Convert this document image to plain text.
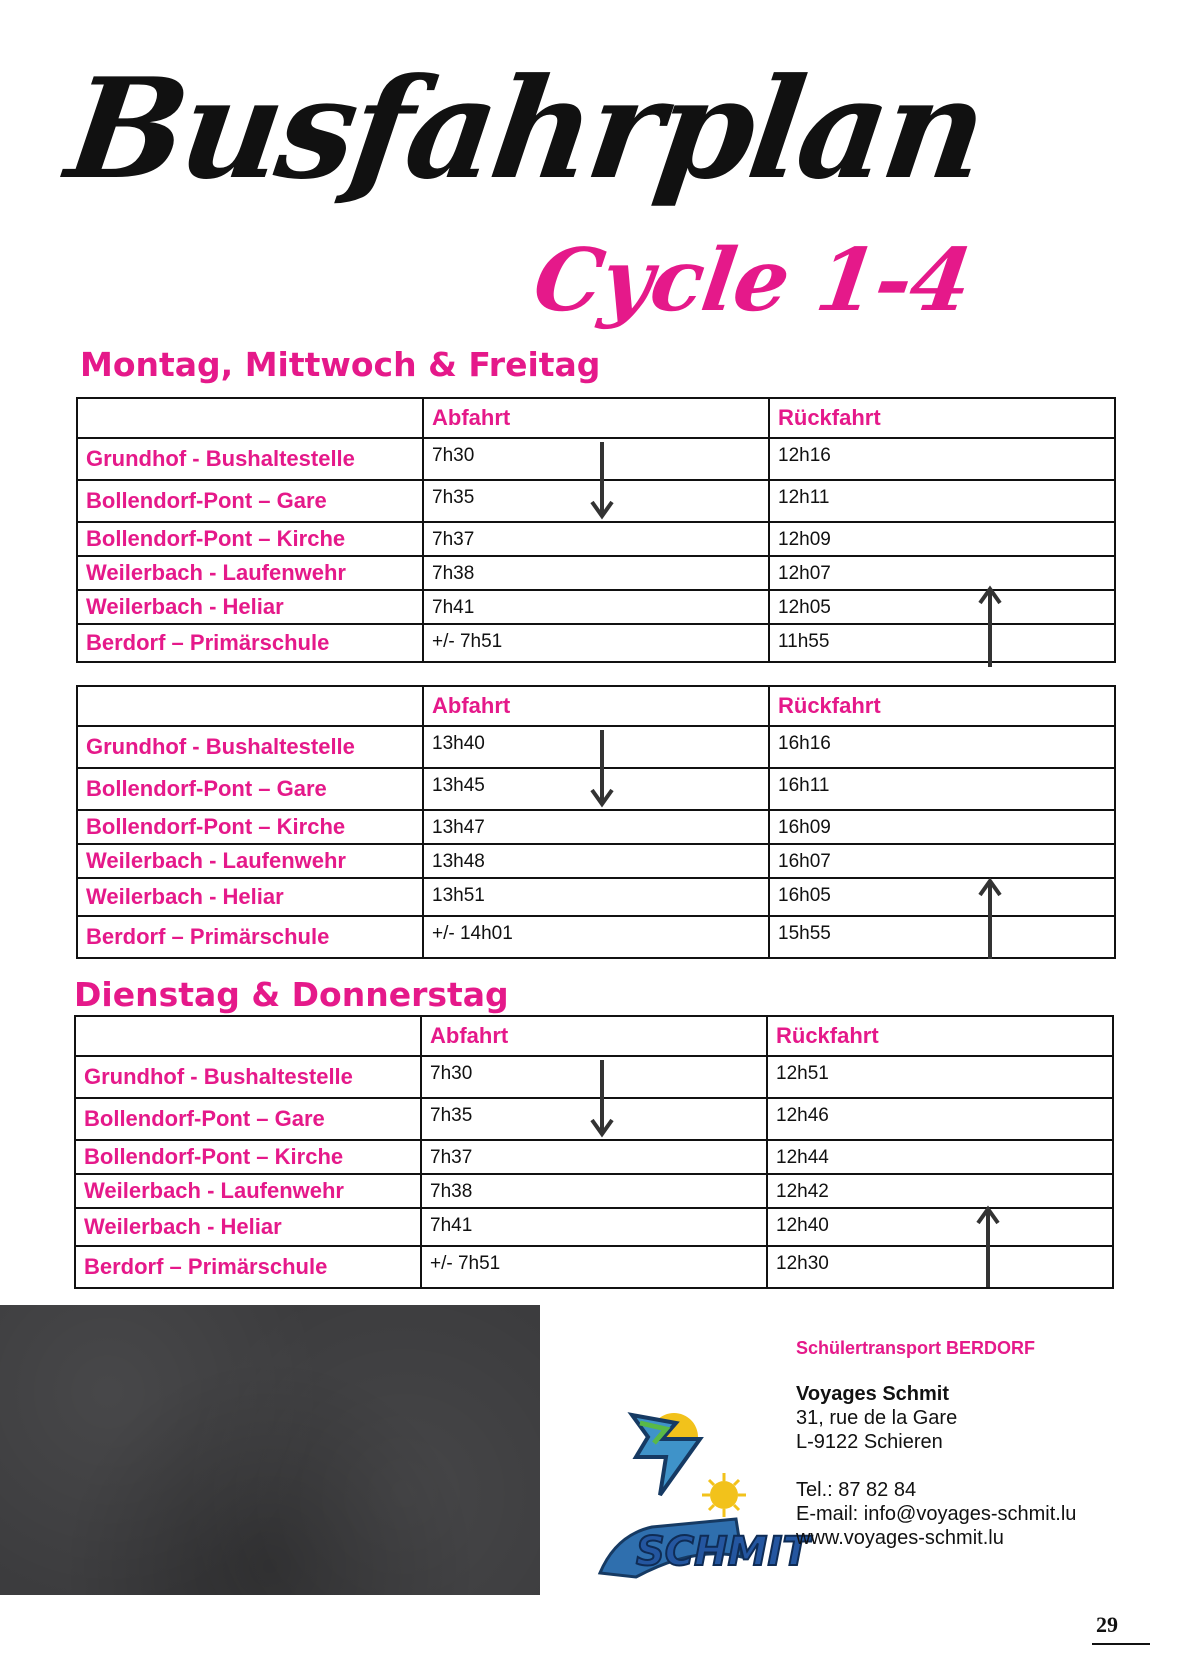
Busfahrplan
Cycle 1-4
Montag, Mittwoch & Freitag
	Abfahrt	Rückfahrt
Grundhof - Bushaltestelle	7h30	12h16
Bollendorf-Pont – Gare	7h35	12h11
Bollendorf-Pont – Kirche	7h37	12h09
Weilerbach - Laufenwehr	7h38	12h07
Weilerbach - Heliar	7h41	12h05
Berdorf – Primärschule	+/- 7h51	11h55
	Abfahrt	Rückfahrt
Grundhof - Bushaltestelle	13h40	16h16
Bollendorf-Pont – Gare	13h45	16h11
Bollendorf-Pont – Kirche	13h47	16h09
Weilerbach - Laufenwehr	13h48	16h07
Weilerbach - Heliar	13h51	16h05
Berdorf – Primärschule	+/- 14h01	15h55
Dienstag & Donnerstag
	Abfahrt	Rückfahrt
Grundhof - Bushaltestelle	7h30	12h51
Bollendorf-Pont – Gare	7h35	12h46
Bollendorf-Pont – Kirche	7h37	12h44
Weilerbach - Laufenwehr	7h38	12h42
Weilerbach - Heliar	7h41	12h40
Berdorf – Primärschule	+/- 7h51	12h30
SCHMIT
Schülertransport BERDORF
Voyages Schmit
31, rue de la Gare
L-9122 Schieren
Tel.: 87 82 84
E-mail: info@voyages-schmit.lu
www.voyages-schmit.lu
29
